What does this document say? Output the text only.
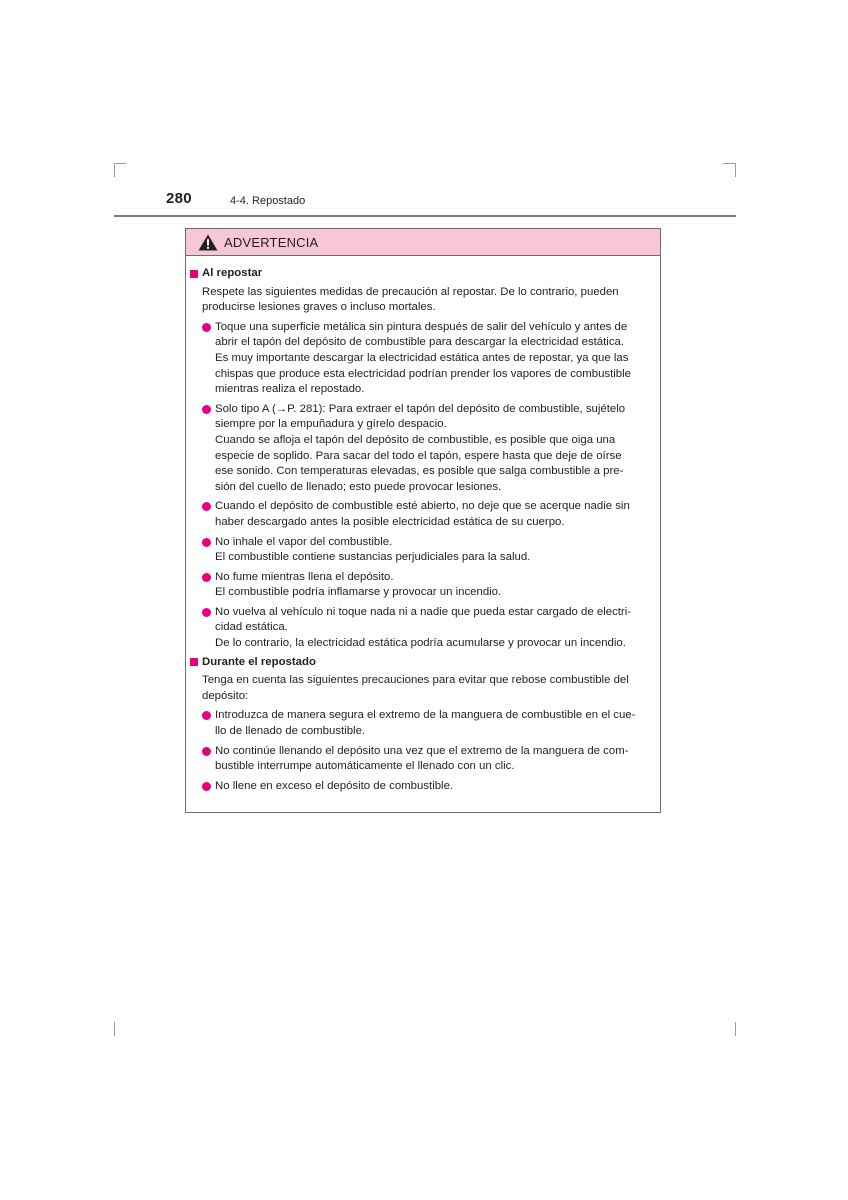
280	4-4. Repostado
ADVERTENCIA
Al repostar
Respete las siguientes medidas de precaución al repostar. De lo contrario, pueden
producirse lesiones graves o incluso mortales.
Toque una superficie metálica sin pintura después de salir del vehículo y antes de
abrir el tapón del depósito de combustible para descargar la electricidad estática.
Es muy importante descargar la electricidad estática antes de repostar, ya que las
chispas que produce esta electricidad podrían prender los vapores de combustible
mientras realiza el repostado.
Solo tipo A (→P. 281): Para extraer el tapón del depósito de combustible, sujételo
siempre por la empuñadura y gírelo despacio.
Cuando se afloja el tapón del depósito de combustible, es posible que oiga una
especie de soplido. Para sacar del todo el tapón, espere hasta que deje de oírse
ese sonido. Con temperaturas elevadas, es posible que salga combustible a pre-
sión del cuello de llenado; esto puede provocar lesiones.
Cuando el depósito de combustible esté abierto, no deje que se acerque nadie sin
haber descargado antes la posible electricidad estática de su cuerpo.
No inhale el vapor del combustible.
El combustible contiene sustancias perjudiciales para la salud.
No fume mientras llena el depósito.
El combustible podría inflamarse y provocar un incendio.
No vuelva al vehículo ni toque nada ni a nadie que pueda estar cargado de electri-
cidad estática.
De lo contrario, la electricidad estática podría acumularse y provocar un incendio.
Durante el repostado
Tenga en cuenta las siguientes precauciones para evitar que rebose combustible del
depósito:
Introduzca de manera segura el extremo de la manguera de combustible en el cue-
llo de llenado de combustible.
No continúe llenando el depósito una vez que el extremo de la manguera de com-
bustible interrumpe automáticamente el llenado con un clic.
No llene en exceso el depósito de combustible.
